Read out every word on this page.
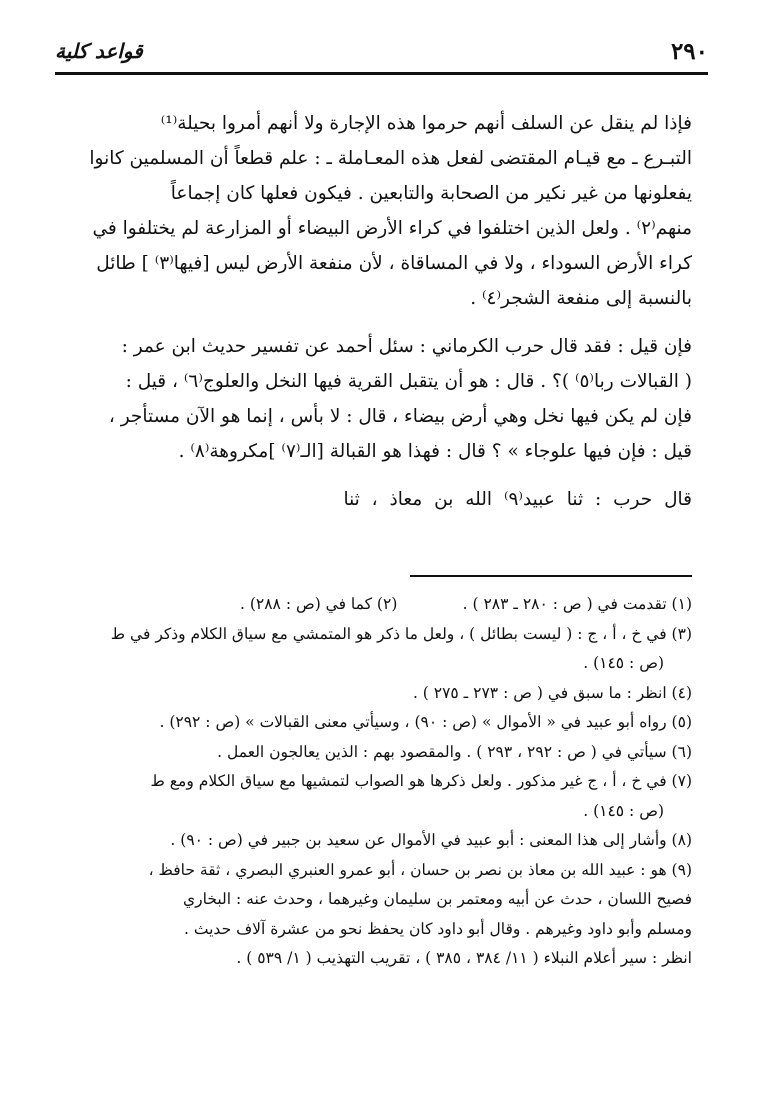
٢٩٠
قواعد كلية
فإذا لم ينقل عن السلف أنهم حرموا هذه الإجارة ولا أنهم أمروا بحيلة⁽¹⁾
التبـرع ـ مع قيـام المقتضى لفعل هذه المعـاملة ـ : علم قطعاً أن المسلمين كانوا
يفعلونها من غير نكير من الصحابة والتابعين . فيكون فعلها كان إجماعاً
منهم⁽٢⁾ . ولعل الذين اختلفوا في كراء الأرض البيضاء أو المزارعة لم يختلفوا في
كراء الأرض السوداء ، ولا في المساقاة ، لأن منفعة الأرض ليس [فيها⁽٣⁾ ] طائل
بالنسبة إلى منفعة الشجر⁽٤⁾ .
فإن قيل : فقد قال حرب الكرماني : سئل أحمد عن تفسير حديث ابن عمر :
( القبالات ربا⁽٥⁾ )؟ . قال : هو أن يتقبل القرية فيها النخل والعلوج⁽٦⁾ ، قيل :
فإن لم يكن فيها نخل وهي أرض بيضاء ، قال : لا بأس ، إنما هو الآن مستأجر ،
قيل : فإن فيها علوجاء » ؟ قال : فهذا هو القبالة [الـ⁽٧⁾ ]مكروهة⁽٨⁾ .
قال حرب : ثنا عبيد⁽٩⁾ الله بن معاذ ، ثنا
(١) تقدمت في ( ص : ٢٨٠ ـ ٢٨٣ ) .
(٢) كما في (ص : ٢٨٨) .
(٣) في خ ، أ ، ج : ( ليست بطائل ) ، ولعل ما ذكر هو المتمشي مع سياق الكلام وذكر في ط
(ص : ١٤٥) .
(٤) انظر : ما سبق في ( ص : ٢٧٣ ـ ٢٧٥ ) .
(٥) رواه أبو عبيد في « الأموال » (ص : ٩٠) ، وسيأتي معنى القبالات » (ص : ٢٩٢) .
(٦) سيأتي في ( ص : ٢٩٢ ، ٢٩٣ ) . والمقصود بهم : الذين يعالجون العمل .
(٧) في خ ، أ ، ج غير مذكور . ولعل ذكرها هو الصواب لتمشيها مع سياق الكلام ومع ط
(ص : ١٤٥) .
(٨) وأشار إلى هذا المعنى : أبو عبيد في الأموال عن سعيد بن جبير في (ص : ٩٠) .
(٩) هو : عبيد الله بن معاذ بن نصر بن حسان ، أبو عمرو العنبري البصري ، ثقة حافظ ،
فصيح اللسان ، حدث عن أبيه ومعتمر بن سليمان وغيرهما ، وحدث عنه : البخاري
ومسلم وأبو داود وغيرهم . وقال أبو داود كان يحفظ نحو من عشرة آلاف حديث .
انظر : سير أعلام النبلاء ( ١١/ ٣٨٤ ، ٣٨٥ ) ، تقريب التهذيب ( ١/ ٥٣٩ ) .
